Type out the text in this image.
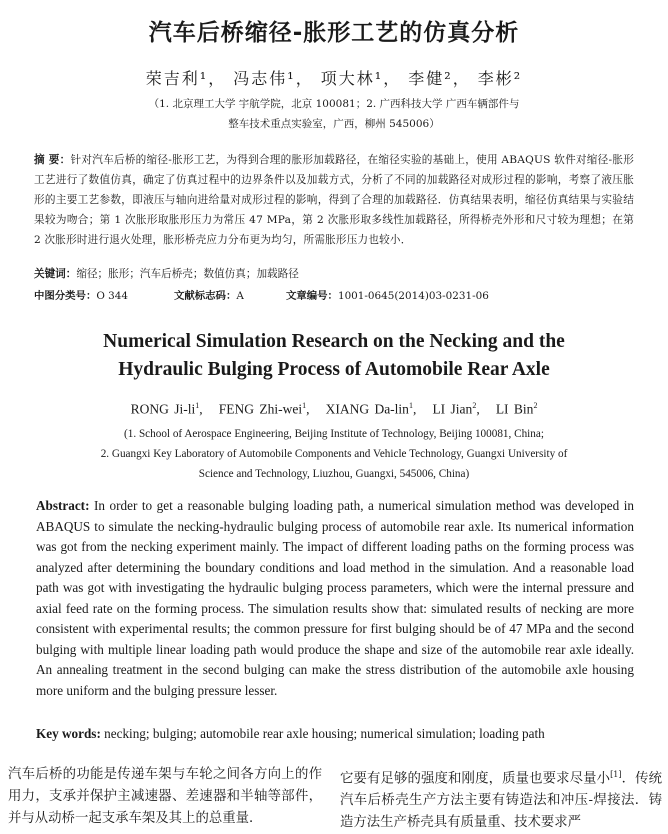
汽车后桥缩径-胀形工艺的仿真分析
荣吉利¹， 冯志伟¹， 项大林¹， 李健²， 李彬²
（1. 北京理工大学 宇航学院，北京 100081；2. 广西科技大学 广西车辆部件与
整车技术重点实验室，广西，柳州 545006）
摘 要：针对汽车后桥的缩径-胀形工艺，为得到合理的胀形加载路径，在缩径实验的基础上，使用 ABAQUS 软件对缩径-胀形工艺进行了数值仿真，确定了仿真过程中的边界条件以及加载方式，分析了不同的加载路径对成形过程的影响，考察了液压胀形的主要工艺参数，即液压与轴向进给量对成形过程的影响，得到了合理的加载路径．仿真结果表明，缩径仿真结果与实验结果较为吻合；第 1 次胀形取胀形压力为常压 47 MPa，第 2 次胀形取多线性加载路径，所得桥壳外形和尺寸较为理想；在第 2 次胀形时进行退火处理，胀形桥壳应力分布更为均匀，所需胀形压力也较小．
关键词：缩径；胀形；汽车后桥壳；数值仿真；加载路径
中图分类号：O 344	文献标志码：A	文章编号：1001-0645(2014)03-0231-06
Numerical Simulation Research on the Necking and the
Hydraulic Bulging Process of Automobile Rear Axle
RONG $Ji-li^1$,   FENG Zhi-wei$^1$,   XIANG Da-lin$^1$,   LI Jian$^2$,   LI Bin$^2$
(1. School of Aerospace Engineering, Beijing Institute of Technology, Beijing 100081, China;
2. Guangxi Key Laboratory of Automobile Components and Vehicle Technology, Guangxi University of
Science and Technology, Liuzhou, Guangxi, 545006, China)
Abstract: In order to get a reasonable bulging loading path, a numerical simulation method was developed in ABAQUS to simulate the necking-hydraulic bulging process of automobile rear axle. Its numerical information was got from the necking experiment mainly. The impact of different loading paths on the forming process was analyzed after determining the boundary conditions and load method in the simulation. And a reasonable load path was got with investigating the hydraulic bulging process parameters, which were the internal pressure and axial feed rate on the forming process. The simulation results show that: simulated results of necking are more consistent with experimental results; the common pressure for first bulging should be of 47 MPa and the second bulging with multiple linear loading path would produce the shape and size of the automobile rear axle ideally. An annealing treatment in the second bulging can make the stress distribution of the automobile axle housing more uniform and the bulging pressure lesser.
Key words: necking; bulging; automobile rear axle housing; numerical simulation; loading path
汽车后桥的功能是传递车架与车轮之间各方向上的作用力，支承并保护主减速器、差速器和半轴等部件，并与从动桥一起支承车架及其上的总重量．
它要有足够的强度和刚度，质量也要求尽量小[1]．传统汽车后桥壳生产方法主要有铸造法和冲压-焊接法．铸造方法生产桥壳具有质量重、技术要求严
